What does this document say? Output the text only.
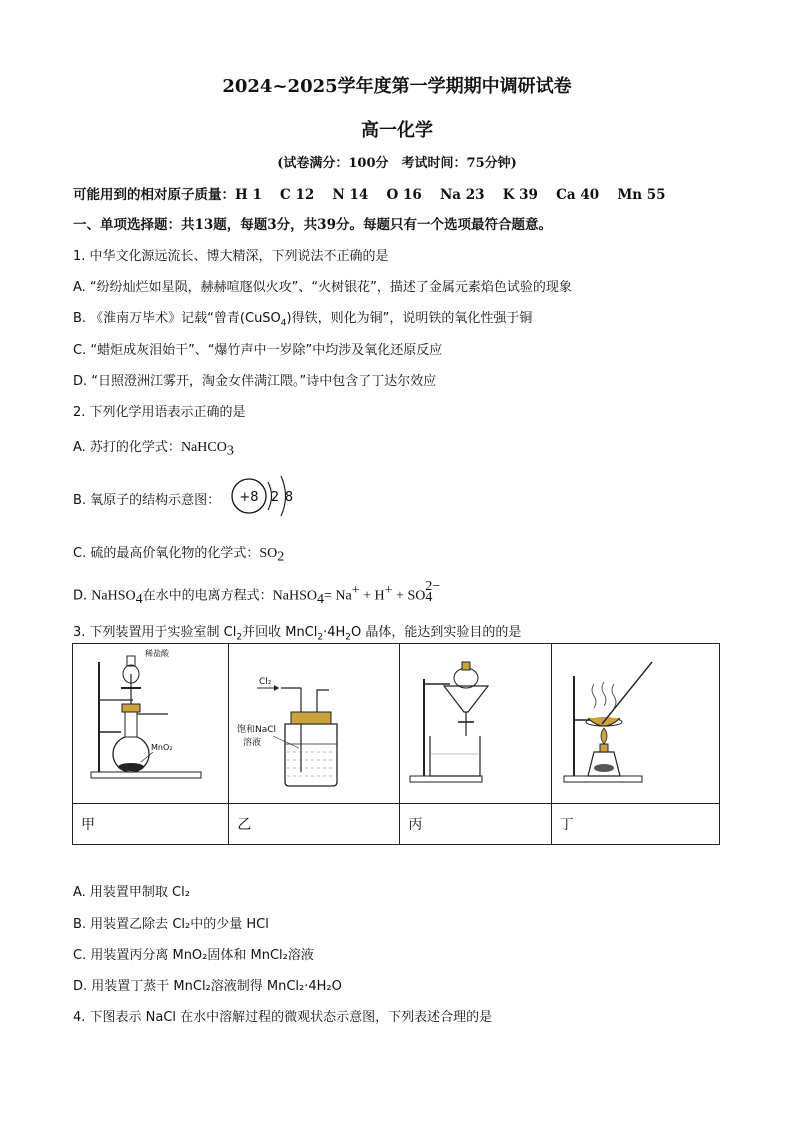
2024~2025学年度第一学期期中调研试卷
高一化学
(试卷满分：100分　考试时间：75分钟)
可能用到的相对原子质量：H 1　 C 12　 N 14　 O 16　 Na 23　 K 39　 Ca 40　 Mn 55
一、单项选择题：共13题，每题3分，共39分。每题只有一个选项最符合题意。
1. 中华文化源远流长、博大精深，下列说法不正确的是
A. “纷纷灿烂如星陨，赫赫喧豗似火攻”、“火树银花”，描述了金属元素焰色试验的现象
B. 《淮南万毕术》记载“曾青(CuSO$_4$)得铁，则化为铜”，说明铁的氧化性强于铜
C. “蜡炬成灰泪始干”、“爆竹声中一岁除”中均涉及氧化还原反应
D. “日照澄洲江雾开，淘金女伴满江隈。”诗中包含了丁达尔效应
2. 下列化学用语表示正确的是
A. 苏打的化学式：NaHCO$_3$
B. 氧原子的结构示意图： +8 2 8
C. 硫的最高价氧化物的化学式：$SO_2$
D. NaHSO$_4$在水中的电离方程式：NaHSO$_4$= Na+ + H+ + SO
2−
4
3. 下列装置用于实验室制 $Cl_2$并回收 $MnCl_2\cdot 4H_2O$ 晶体，能达到实验目的的是
稀盐酸
MnO₂	Cl₂
饱和NaCl
溶液

甲	乙	丙	丁
A. 用装置甲制取 Cl₂
B. 用装置乙除去 Cl₂中的少量 HCl
C. 用装置丙分离 MnO₂固体和 MnCl₂溶液
D. 用装置丁蒸干 MnCl₂溶液制得 MnCl₂·4H₂O
4. 下图表示 NaCl 在水中溶解过程的微观状态示意图，下列表述合理的是
